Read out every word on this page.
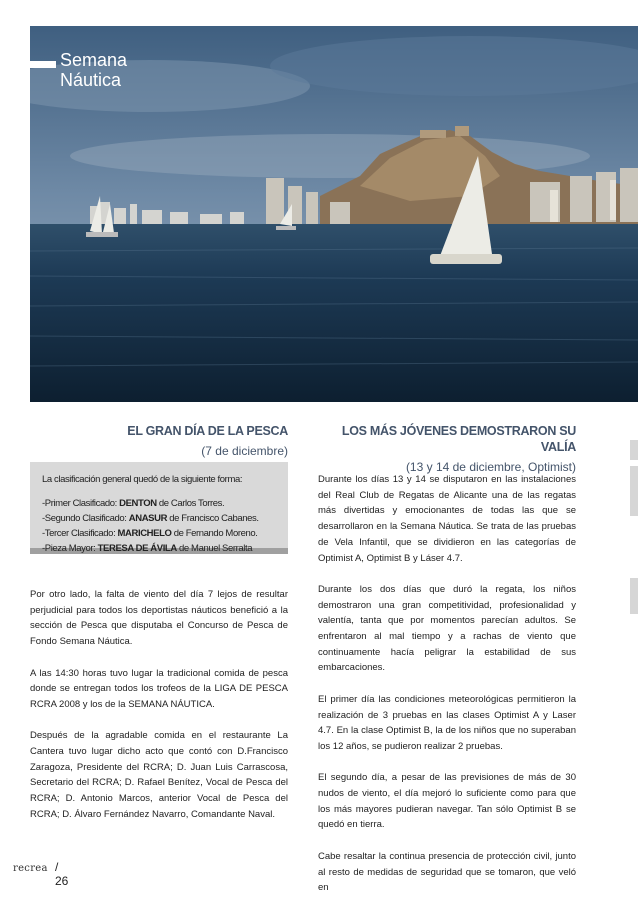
Semana
Náutica
EL GRAN DÍA DE LA PESCA
(7 de diciembre)
LOS MÁS JÓVENES DEMOSTRARON SU VALÍA
(13 y 14 de diciembre, Optimist)
La clasificación general quedó de la siguiente forma:
-Primer Clasificado: DENTON de Carlos Torres.
-Segundo Clasificado: ANASUR de Francisco Cabanes.
-Tercer Clasificado: MARICHELO de Fernando Moreno.
-Pieza Mayor: TERESA DE ÁVILA de Manuel Serralta

Por otro lado, la falta de viento del día 7 lejos de resultar perjudicial para todos los deportistas náuticos benefició a la sección de Pesca que disputaba el Concurso de Pesca de Fondo Semana Náutica.

A las 14:30 horas tuvo lugar la tradicional comida de pesca donde se entregan todos los trofeos de la LIGA DE PESCA RCRA 2008 y los de la SEMANA NÁUTICA.

Después de la agradable comida en el restaurante La Cantera tuvo lugar dicho acto que contó con D.Francisco Zaragoza, Presidente del RCRA; D. Juan Luis Carrascosa, Secretario del RCRA; D. Rafael Benítez, Vocal de Pesca del RCRA; D. Antonio Marcos, anterior Vocal de Pesca del RCRA; D. Álvaro Fernández Navarro, Comandante Naval.

Durante los días 13 y 14 se disputaron en las instalaciones del Real Club de Regatas de Alicante una de las regatas más divertidas y emocionantes de todas las que se desarrollaron en la Semana Náutica. Se trata de las pruebas de Vela Infantil, que se dividieron en las categorías de Optimist A, Optimist B y Láser 4.7.

Durante los dos días que duró la regata, los niños demostraron una gran competitividad, profesionalidad y valentía, tanta que por momentos parecían adultos. Se enfrentaron al mal tiempo y a rachas de viento que continuamente hacía peligrar la estabilidad de sus embarcaciones.

El primer día las condiciones meteorológicas permitieron la realización de 3 pruebas en las clases Optimist A y Laser 4.7. En la clase Optimist B, la de los niños que no superaban los 12 años, se pudieron realizar 2 pruebas.

El segundo día, a pesar de las previsiones de más de 30 nudos de viento, el día mejoró lo suficiente como para que los más mayores pudieran navegar. Tan sólo Optimist B se quedó en tierra.

Cabe resaltar la continua presencia de protección civil, junto al resto de medidas de seguridad que se tomaron, que veló en

recrea / 26
